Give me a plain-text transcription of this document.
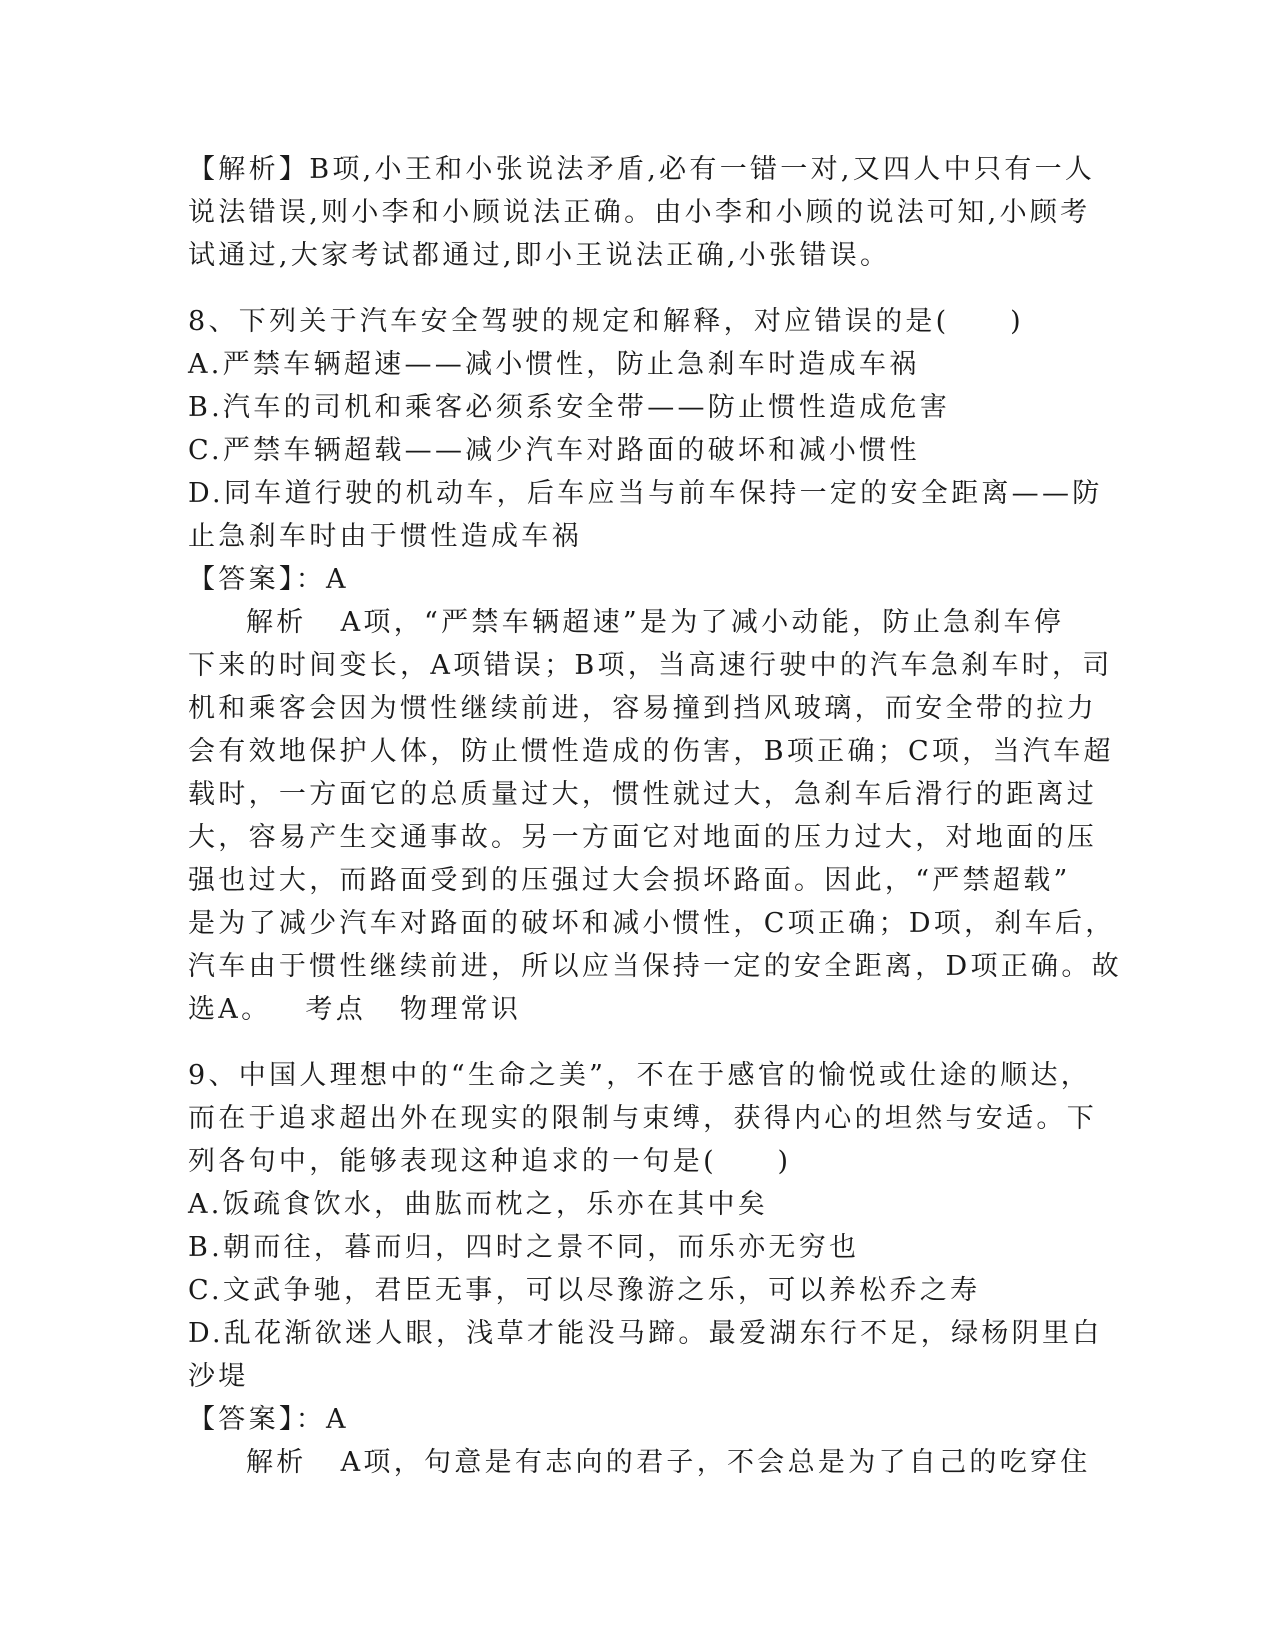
【解析】B项,小王和小张说法矛盾,必有一错一对,又四人中只有一人
说法错误,则小李和小顾说法正确。由小李和小顾的说法可知,小顾考
试通过,大家考试都通过,即小王说法正确,小张错误。
8、下列关于汽车安全驾驶的规定和解释，对应错误的是(　　)
A.严禁车辆超速——减小惯性，防止急刹车时造成车祸
B.汽车的司机和乘客必须系安全带——防止惯性造成危害
C.严禁车辆超载——减少汽车对路面的破坏和减小惯性
D.同车道行驶的机动车，后车应当与前车保持一定的安全距离——防
止急刹车时由于惯性造成车祸
【答案】：A
解析 A项，“严禁车辆超速”是为了减小动能，防止急刹车停
下来的时间变长，A项错误；B项，当高速行驶中的汽车急刹车时，司
机和乘客会因为惯性继续前进，容易撞到挡风玻璃，而安全带的拉力
会有效地保护人体，防止惯性造成的伤害，B项正确；C项，当汽车超
载时，一方面它的总质量过大，惯性就过大，急刹车后滑行的距离过
大，容易产生交通事故。另一方面它对地面的压力过大，对地面的压
强也过大，而路面受到的压强过大会损坏路面。因此，“严禁超载”
是为了减少汽车对路面的破坏和减小惯性，C项正确；D项，刹车后，
汽车由于惯性继续前进，所以应当保持一定的安全距离，D项正确。故
选A。 考点 物理常识
9、中国人理想中的“生命之美”，不在于感官的愉悦或仕途的顺达，
而在于追求超出外在现实的限制与束缚，获得内心的坦然与安适。下
列各句中，能够表现这种追求的一句是(　　)
A.饭疏食饮水，曲肱而枕之，乐亦在其中矣
B.朝而往，暮而归，四时之景不同，而乐亦无穷也
C.文武争驰，君臣无事，可以尽豫游之乐，可以养松乔之寿
D.乱花渐欲迷人眼，浅草才能没马蹄。最爱湖东行不足，绿杨阴里白
沙堤
【答案】：A
解析 A项，句意是有志向的君子，不会总是为了自己的吃穿住
